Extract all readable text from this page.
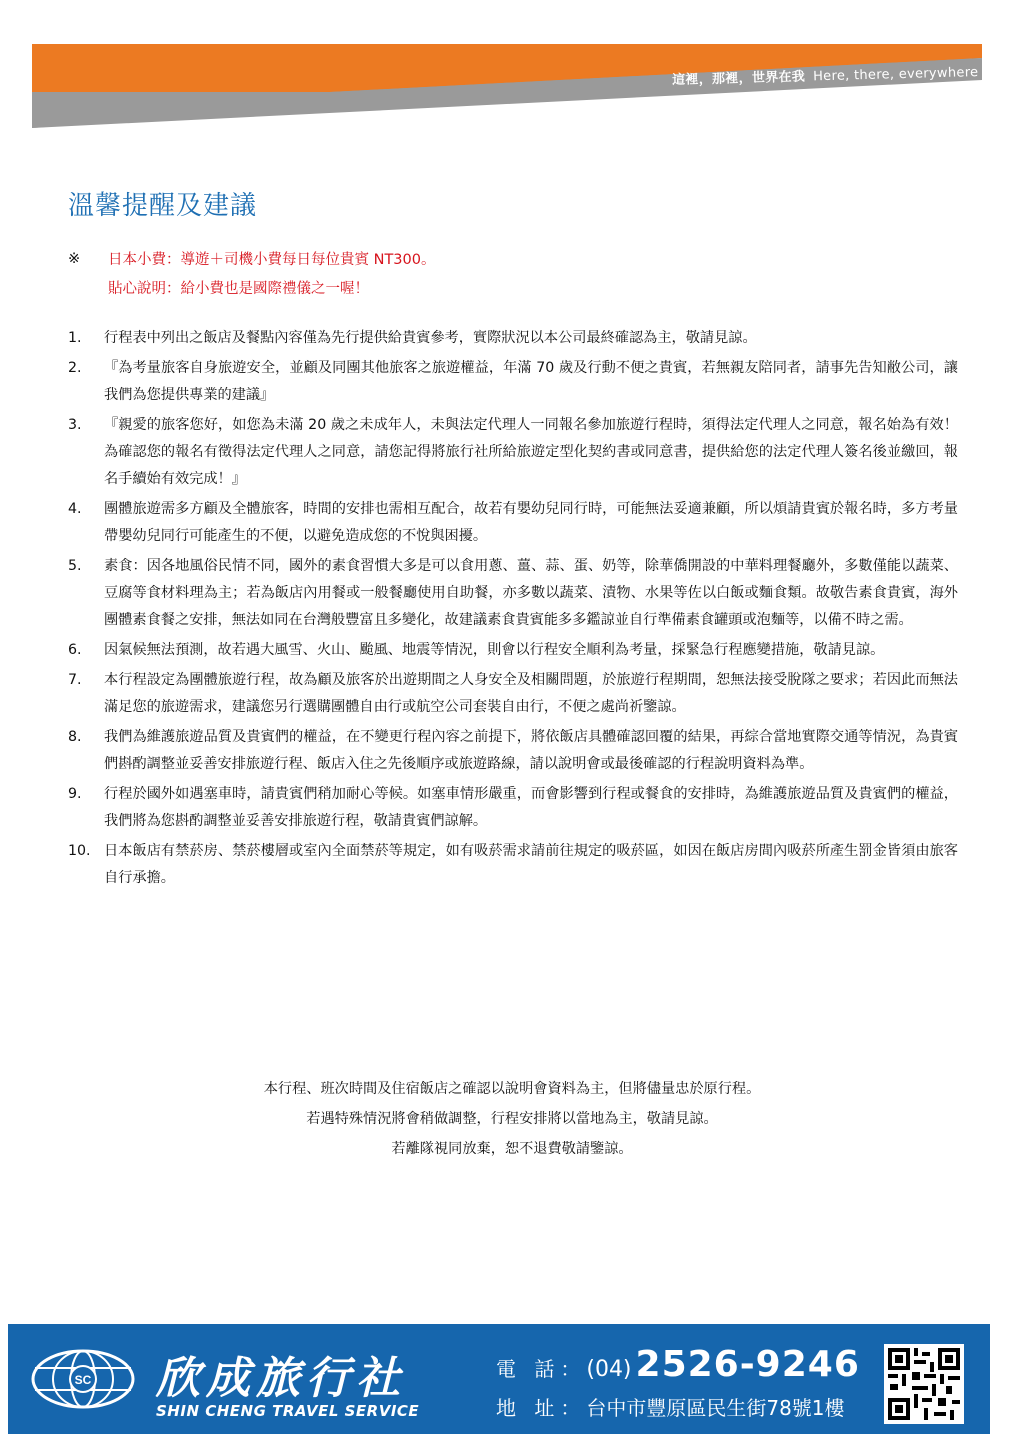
這裡，那裡，世界在我 Here, there, everywhere
溫馨提醒及建議
※	日本小費：導遊＋司機小費每日每位貴賓 NT300。
貼心說明：給小費也是國際禮儀之一喔！
1.	行程表中列出之飯店及餐點內容僅為先行提供給貴賓參考，實際狀況以本公司最終確認為主，敬請見諒。
2.	『為考量旅客自身旅遊安全，並顧及同團其他旅客之旅遊權益，年滿 70 歲及行動不便之貴賓，若無親友陪同者，請事先告知敝公司，讓我們為您提供專業的建議』
3.	『親愛的旅客您好，如您為未滿 20 歲之未成年人，未與法定代理人一同報名參加旅遊行程時，須得法定代理人之同意，報名始為有效！為確認您的報名有徵得法定代理人之同意，請您記得將旅行社所給旅遊定型化契約書或同意書，提供給您的法定代理人簽名後並繳回，報名手續始有效完成！』
4.	團體旅遊需多方顧及全體旅客，時間的安排也需相互配合，故若有嬰幼兒同行時，可能無法妥適兼顧，所以煩請貴賓於報名時，多方考量帶嬰幼兒同行可能產生的不便，以避免造成您的不悅與困擾。
5.	素食：因各地風俗民情不同，國外的素食習慣大多是可以食用蔥、薑、蒜、蛋、奶等，除華僑開設的中華料理餐廳外，多數僅能以蔬菜、豆腐等食材料理為主；若為飯店內用餐或一般餐廳使用自助餐，亦多數以蔬菜、漬物、水果等佐以白飯或麵食類。故敬告素食貴賓，海外團體素食餐之安排，無法如同在台灣般豐富且多變化，故建議素食貴賓能多多鑑諒並自行準備素食罐頭或泡麵等，以備不時之需。
6.	因氣候無法預測，故若遇大風雪、火山、颱風、地震等情況，則會以行程安全順利為考量，採緊急行程應變措施，敬請見諒。
7.	本行程設定為團體旅遊行程，故為顧及旅客於出遊期間之人身安全及相關問題，於旅遊行程期間，恕無法接受脫隊之要求；若因此而無法滿足您的旅遊需求，建議您另行選購團體自由行或航空公司套裝自由行，不便之處尚祈鑒諒。
8.	我們為維護旅遊品質及貴賓們的權益，在不變更行程內容之前提下，將依飯店具體確認回覆的結果，再綜合當地實際交通等情況，為貴賓們斟酌調整並妥善安排旅遊行程、飯店入住之先後順序或旅遊路線，請以說明會或最後確認的行程說明資料為準。
9.	行程於國外如遇塞車時，請貴賓們稍加耐心等候。如塞車情形嚴重，而會影響到行程或餐食的安排時，為維護旅遊品質及貴賓們的權益，我們將為您斟酌調整並妥善安排旅遊行程，敬請貴賓們諒解。
10. 日本飯店有禁菸房、禁菸樓層或室內全面禁菸等規定，如有吸菸需求請前往規定的吸菸區，如因在飯店房間內吸菸所產生罰金皆須由旅客自行承擔。
本行程、班次時間及住宿飯店之確認以說明會資料為主，但將儘量忠於原行程。
若遇特殊情況將會稍做調整，行程安排將以當地為主，敬請見諒。
若離隊視同放棄，恕不退費敬請鑒諒。
SC 欣成旅行社
SHIN CHENG TRAVEL SERVICE
電 話： (04) 2526-9246
地 址： 台中市豐原區民生街78號1樓
